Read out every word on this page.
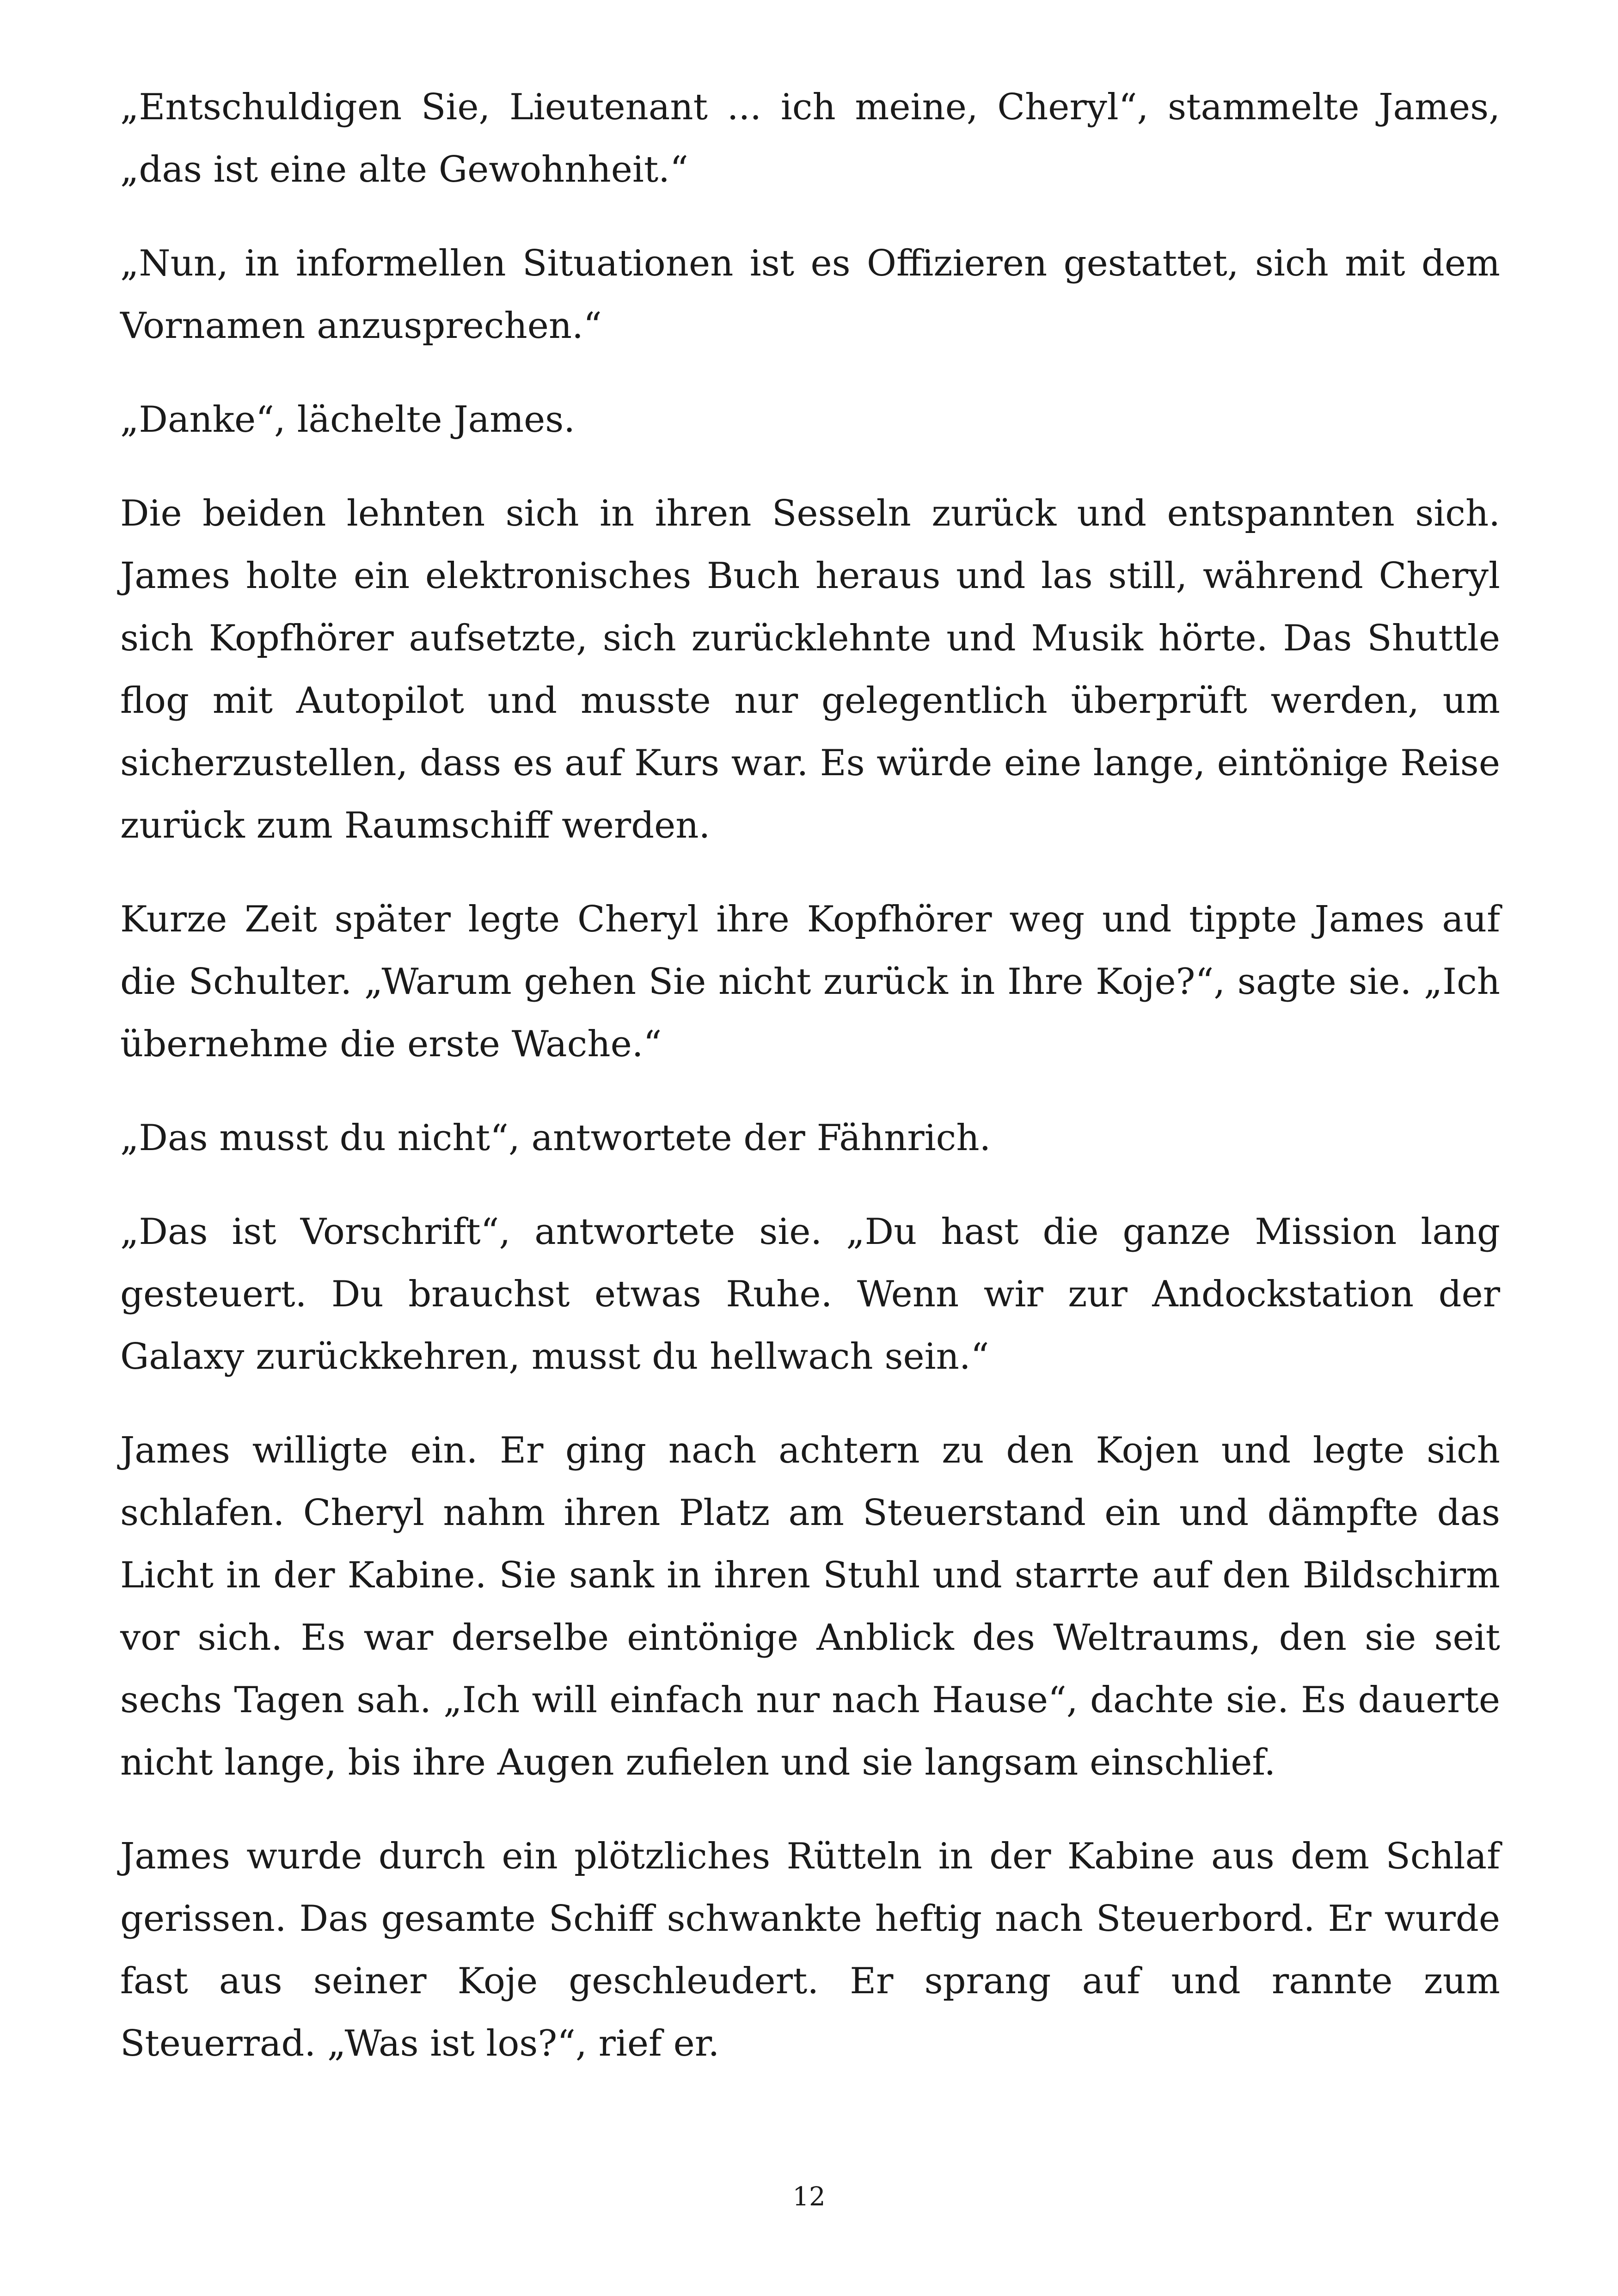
„Entschuldigen Sie, Lieutenant ... ich meine, Cheryl“, stammelte James, „das ist eine alte Gewohnheit.“

„Nun, in informellen Situationen ist es Offizieren gestattet, sich mit dem Vornamen anzusprechen.“

„Danke“, lächelte James.

Die beiden lehnten sich in ihren Sesseln zurück und entspannten sich. James holte ein elektronisches Buch heraus und las still, während Cheryl sich Kopfhörer aufsetzte, sich zurücklehnte und Musik hörte. Das Shuttle flog mit Autopilot und musste nur gelegentlich überprüft werden, um sicherzustellen, dass es auf Kurs war. Es würde eine lange, eintönige Reise zurück zum Raumschiff werden.

Kurze Zeit später legte Cheryl ihre Kopfhörer weg und tippte James auf die Schulter. „Warum gehen Sie nicht zurück in Ihre Koje?“, sagte sie. „Ich übernehme die erste Wache.“

„Das musst du nicht“, antwortete der Fähnrich.

„Das ist Vorschrift“, antwortete sie. „Du hast die ganze Mission lang gesteuert. Du brauchst etwas Ruhe. Wenn wir zur Andockstation der Galaxy zurückkehren, musst du hellwach sein.“

James willigte ein. Er ging nach achtern zu den Kojen und legte sich schlafen. Cheryl nahm ihren Platz am Steuerstand ein und dämpfte das Licht in der Kabine. Sie sank in ihren Stuhl und starrte auf den Bildschirm vor sich. Es war derselbe eintönige Anblick des Weltraums, den sie seit sechs Tagen sah. „Ich will einfach nur nach Hause“, dachte sie. Es dauerte nicht lange, bis ihre Augen zufielen und sie langsam einschlief.

James wurde durch ein plötzliches Rütteln in der Kabine aus dem Schlaf gerissen. Das gesamte Schiff schwankte heftig nach Steuerbord. Er wurde fast aus seiner Koje geschleudert. Er sprang auf und rannte zum Steuerrad. „Was ist los?“, rief er.

12
